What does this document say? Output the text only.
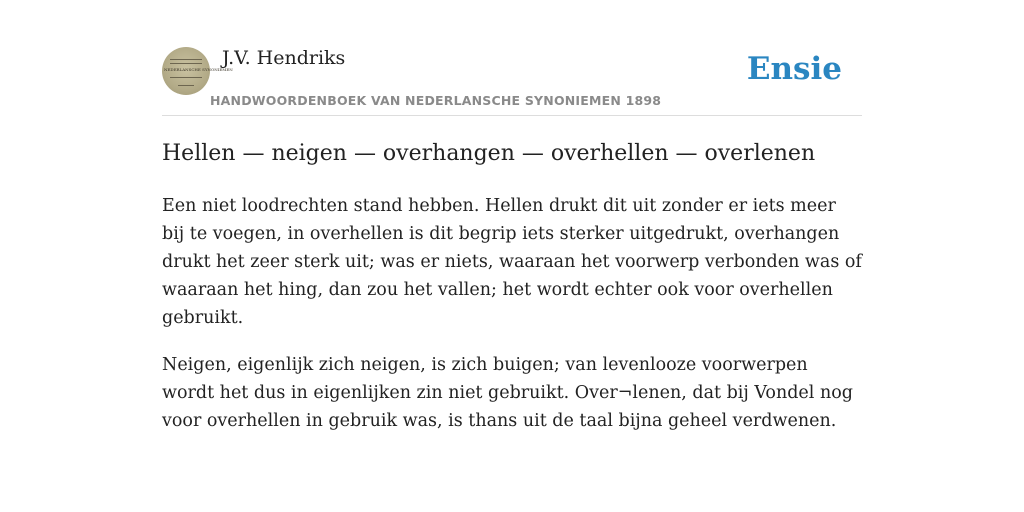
NEDERLANSCHE SYNONIEMEN
J.V. Hendriks
HANDWOORDENBOEK VAN NEDERLANSCHE SYNONIEMEN 1898
Ensie
Hellen — neigen — overhangen — overhellen — overlenen

Een niet loodrechten stand hebben. Hellen drukt dit uit zonder er iets meer bij te voegen, in overhellen is dit begrip iets sterker uitgedrukt, overhangen drukt het zeer sterk uit; was er niets, waaraan het voorwerp verbonden was of waaraan het hing, dan zou het vallen; het wordt echter ook voor overhellen gebruikt.

Neigen, eigenlijk zich neigen, is zich buigen; van levenlooze voorwerpen wordt het dus in eigenlijken zin niet gebruikt. Over¬lenen, dat bij Vondel nog voor overhellen in gebruik was, is thans uit de taal bijna geheel verdwenen.
